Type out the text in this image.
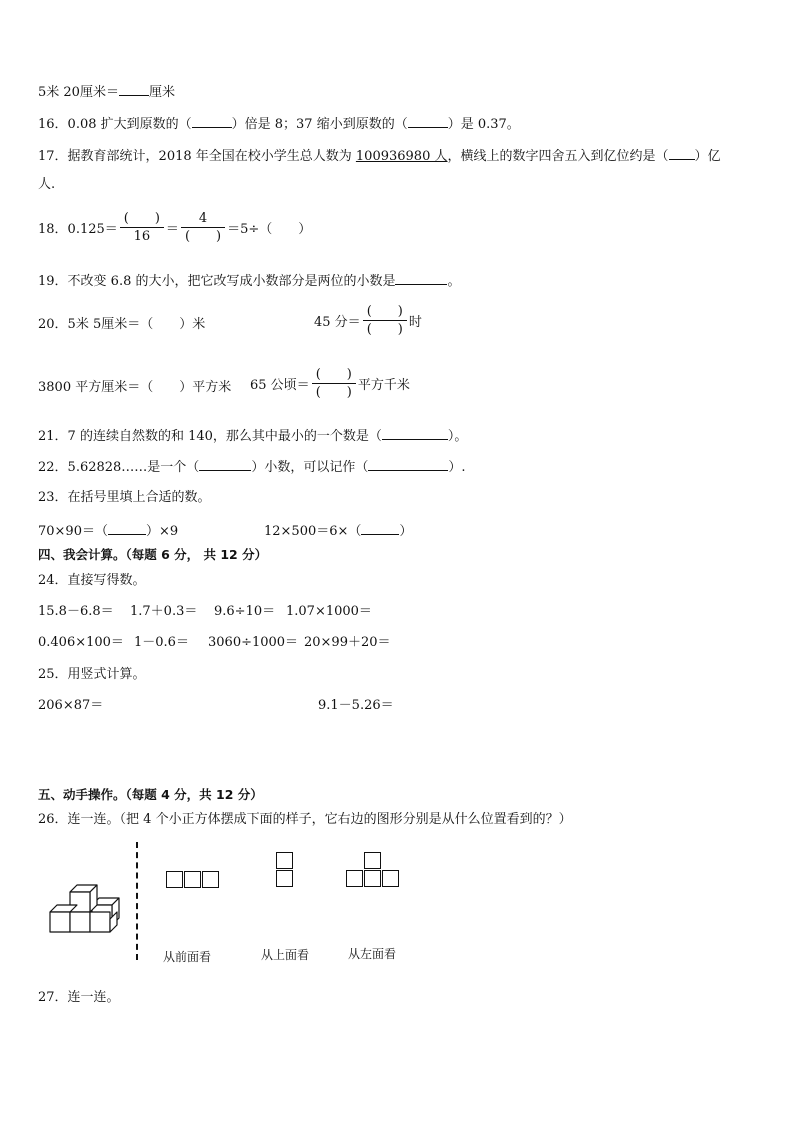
5米 20厘米＝ 厘米
16．0.08 扩大到原数的（	）倍是 8；37 缩小到原数的（	）是 0.37。
17．据教育部统计，2018 年全国在校小学生总人数为 100936980 人，横线上的数字四舍五入到亿位约是（ ）亿
人.
18．$0.125= \frac{( )}{16} = \frac{4}{( )} =5\div$（　　）
19．不改变 6.8 的大小，把它改写成小数部分是两位的小数是	。
20．5米 5厘米＝（　　）米	45 分＝ $\frac{( )}{( )}$ 时
3800 平方厘米＝（　　）平方米 65 公顷＝ $\frac{( )}{( )}$ 平方千米
21．7 的连续自然数的和 140，那么其中最小的一个数是（	）。
22．5.62828……是一个（	）小数，可以记作（	）.
23．在括号里填上合适的数。
70×90＝（	）×9	12×500＝6×（	）
四、我会计算。（每题 6 分， 共 12 分）
24．直接写得数。
15.8－6.8＝ 1.7＋0.3＝ 9.6÷10＝ 1.07×1000＝
0.406×100＝ 1－0.6＝ 3060÷1000＝ 20×99＋20＝
25．用竖式计算。
206×87＝	9.1－5.26＝
五、动手操作。（每题 4 分，共 12 分）
26．连一连。（把 4 个小正方体摆成下面的样子，它右边的图形分别是从什么位置看到的？）
从前面看	从上面看	从左面看
27．连一连。
